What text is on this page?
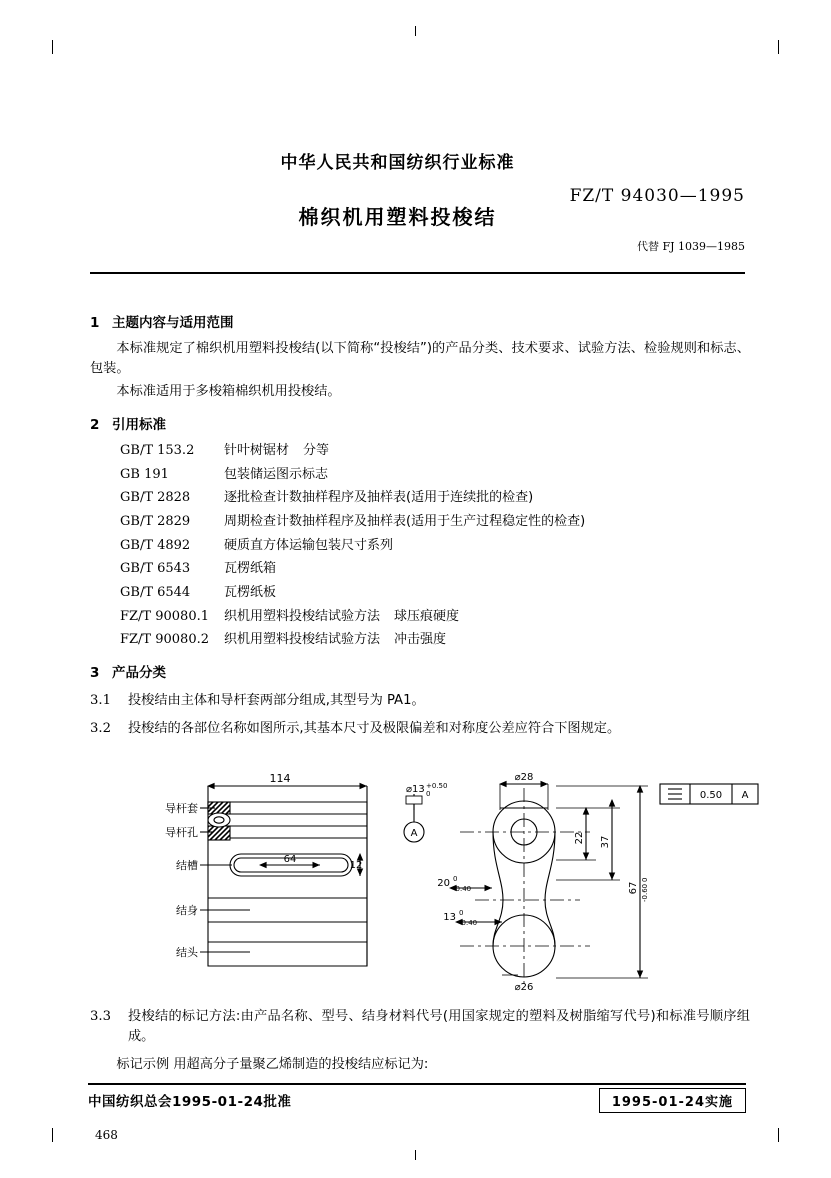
中华人民共和国纺织行业标准
FZ/T 94030—1995
棉织机用塑料投梭结
代替 FJ 1039—1985
1 主题内容与适用范围
本标准规定了棉织机用塑料投梭结(以下简称“投梭结”)的产品分类、技术要求、试验方法、检验规则和标志、包装。
本标准适用于多梭箱棉织机用投梭结。
2 引用标准
GB/T 153.2 针叶树锯材 分等
GB 191	包装储运图示标志
GB/T 2828	逐批检查计数抽样程序及抽样表(适用于连续批的检查)
GB/T 2829	周期检查计数抽样程序及抽样表(适用于生产过程稳定性的检查)
GB/T 4892	硬质直方体运输包装尺寸系列
GB/T 6543	瓦楞纸箱
GB/T 6544	瓦楞纸板
FZ/T 90080.1 织机用塑料投梭结试验方法 球压痕硬度
FZ/T 90080.2 织机用塑料投梭结试验方法 冲击强度
3 产品分类
3.1	投梭结由主体和导杆套两部分组成,其型号为 PA1。
3.2	投梭结的各部位名称如图所示,其基本尺寸及极限偏差和对称度公差应符合下图规定。
114
64
12
⌀13 +0.50
0
A
⌀28
22 37
67
0
-0.60
20 0
-0.40
13 0
-0.40
⌀26
0.50 A
导杆套
导杆孔
结槽
结身
结头
3.3	投梭结的标记方法:由产品名称、型号、结身材料代号(用国家规定的塑料及树脂缩写代号)和标准号顺序组成。
标记示例 用超高分子量聚乙烯制造的投梭结应标记为:
中国纺织总会1995-01-24批准	1995-01-24实施
468
